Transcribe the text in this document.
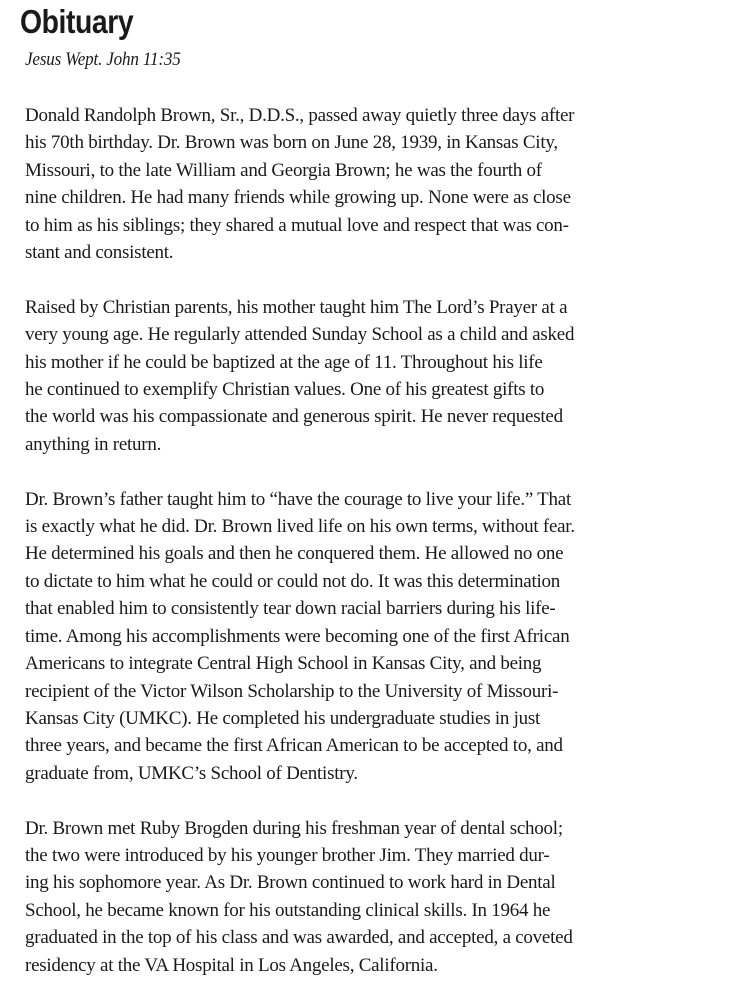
Obituary

Jesus Wept. John 11:35

Donald Randolph Brown, Sr., D.D.S., passed away quietly three days after
his 70th birthday. Dr. Brown was born on June 28, 1939, in Kansas City,
Missouri, to the late William and Georgia Brown; he was the fourth of
nine children. He had many friends while growing up. None were as close
to him as his siblings; they shared a mutual love and respect that was con-
stant and consistent.

Raised by Christian parents, his mother taught him The Lord’s Prayer at a
very young age. He regularly attended Sunday School as a child and asked
his mother if he could be baptized at the age of 11. Throughout his life
he continued to exemplify Christian values. One of his greatest gifts to
the world was his compassionate and generous spirit. He never requested
anything in return.

Dr. Brown’s father taught him to “have the courage to live your life.” That
is exactly what he did. Dr. Brown lived life on his own terms, without fear.
He determined his goals and then he conquered them. He allowed no one
to dictate to him what he could or could not do. It was this determination
that enabled him to consistently tear down racial barriers during his life-
time. Among his accomplishments were becoming one of the first African
Americans to integrate Central High School in Kansas City, and being
recipient of the Victor Wilson Scholarship to the University of Missouri-
Kansas City (UMKC). He completed his undergraduate studies in just
three years, and became the first African American to be accepted to, and
graduate from, UMKC’s School of Dentistry.

Dr. Brown met Ruby Brogden during his freshman year of dental school;
the two were introduced by his younger brother Jim. They married dur-
ing his sophomore year. As Dr. Brown continued to work hard in Dental
School, he became known for his outstanding clinical skills. In 1964 he
graduated in the top of his class and was awarded, and accepted, a coveted
residency at the VA Hospital in Los Angeles, California.
